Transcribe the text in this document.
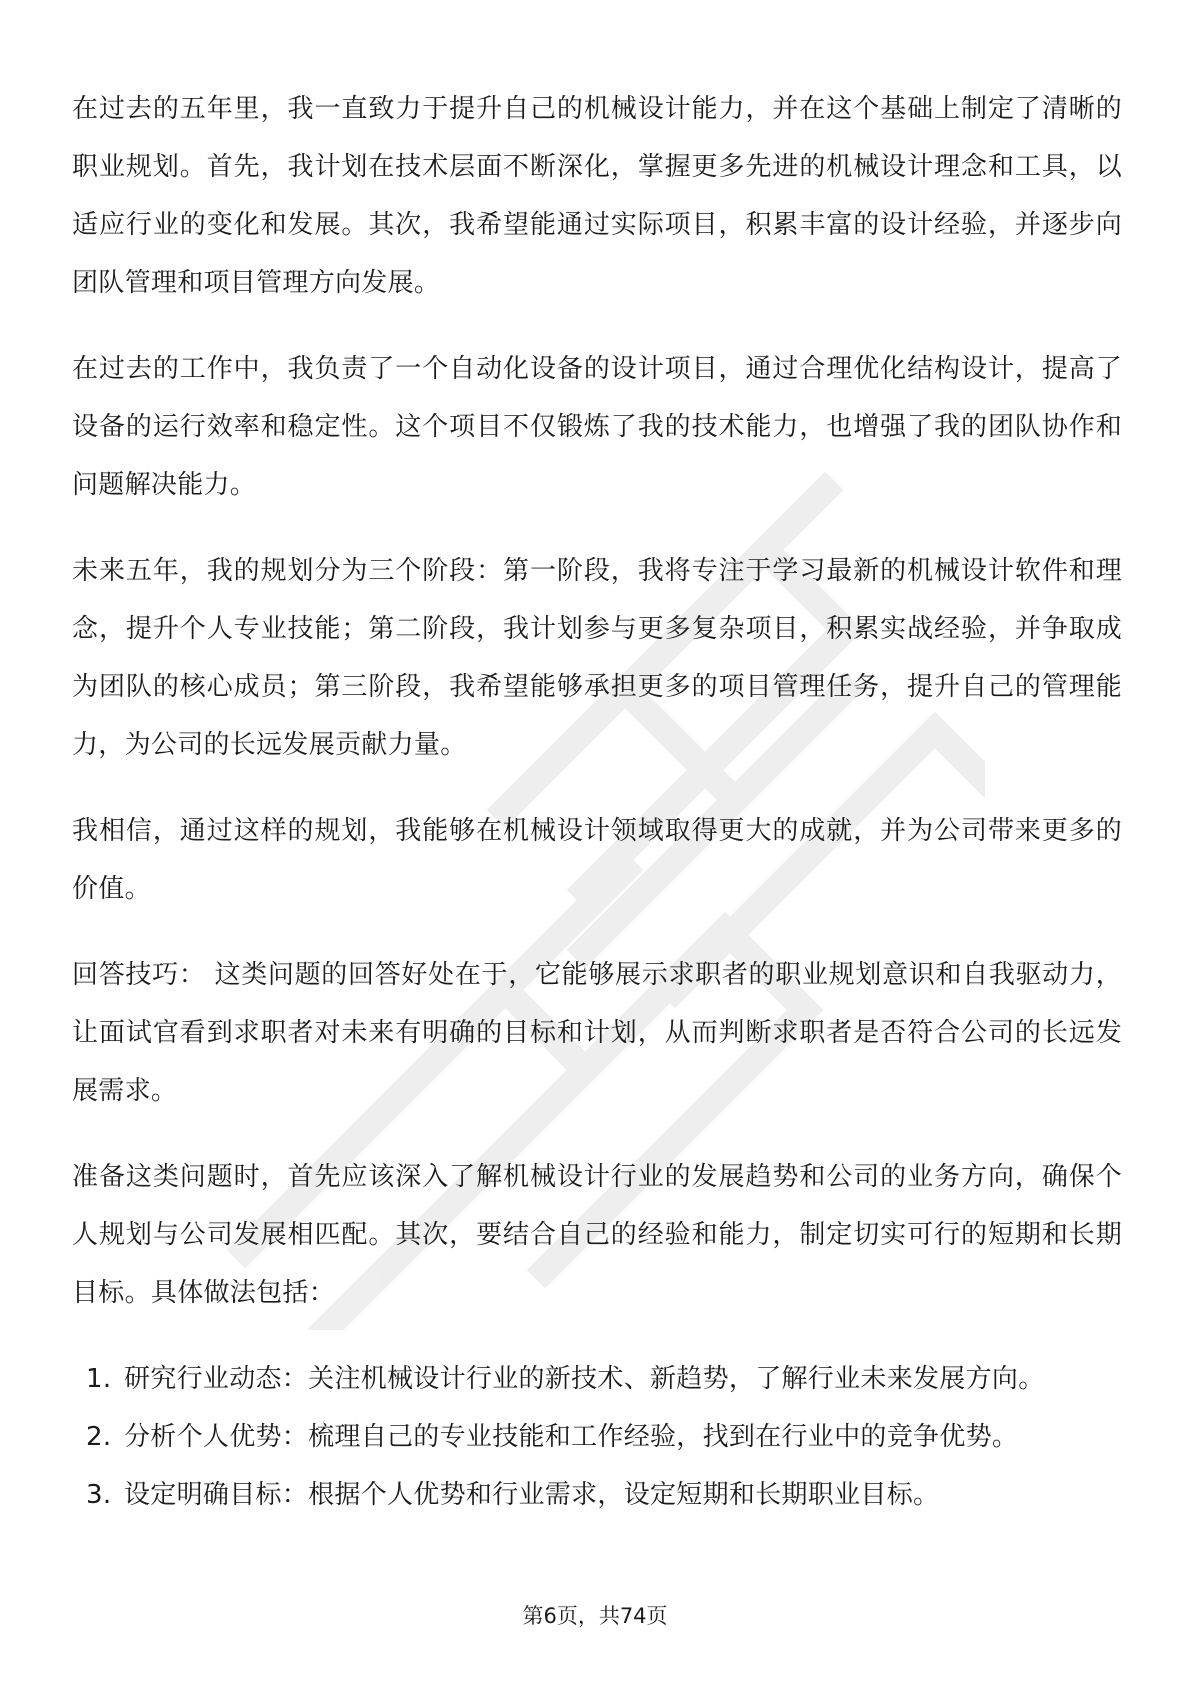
在过去的五年里，我一直致力于提升自己的机械设计能力，并在这个基础上制定了清晰的职业规划。首先，我计划在技术层面不断深化，掌握更多先进的机械设计理念和工具，以适应行业的变化和发展。其次，我希望能通过实际项目，积累丰富的设计经验，并逐步向团队管理和项目管理方向发展。

在过去的工作中，我负责了一个自动化设备的设计项目，通过合理优化结构设计，提高了设备的运行效率和稳定性。这个项目不仅锻炼了我的技术能力，也增强了我的团队协作和问题解决能力。

未来五年，我的规划分为三个阶段：第一阶段，我将专注于学习最新的机械设计软件和理念，提升个人专业技能；第二阶段，我计划参与更多复杂项目，积累实战经验，并争取成为团队的核心成员；第三阶段，我希望能够承担更多的项目管理任务，提升自己的管理能力，为公司的长远发展贡献力量。

我相信，通过这样的规划，我能够在机械设计领域取得更大的成就，并为公司带来更多的价值。

回答技巧： 这类问题的回答好处在于，它能够展示求职者的职业规划意识和自我驱动力，让面试官看到求职者对未来有明确的目标和计划，从而判断求职者是否符合公司的长远发展需求。

准备这类问题时，首先应该深入了解机械设计行业的发展趋势和公司的业务方向，确保个人规划与公司发展相匹配。其次，要结合自己的经验和能力，制定切实可行的短期和长期目标。具体做法包括：

1. 研究行业动态：关注机械设计行业的新技术、新趋势，了解行业未来发展方向。
2. 分析个人优势：梳理自己的专业技能和工作经验，找到在行业中的竞争优势。
3. 设定明确目标：根据个人优势和行业需求，设定短期和长期职业目标。
第6页，共74页
